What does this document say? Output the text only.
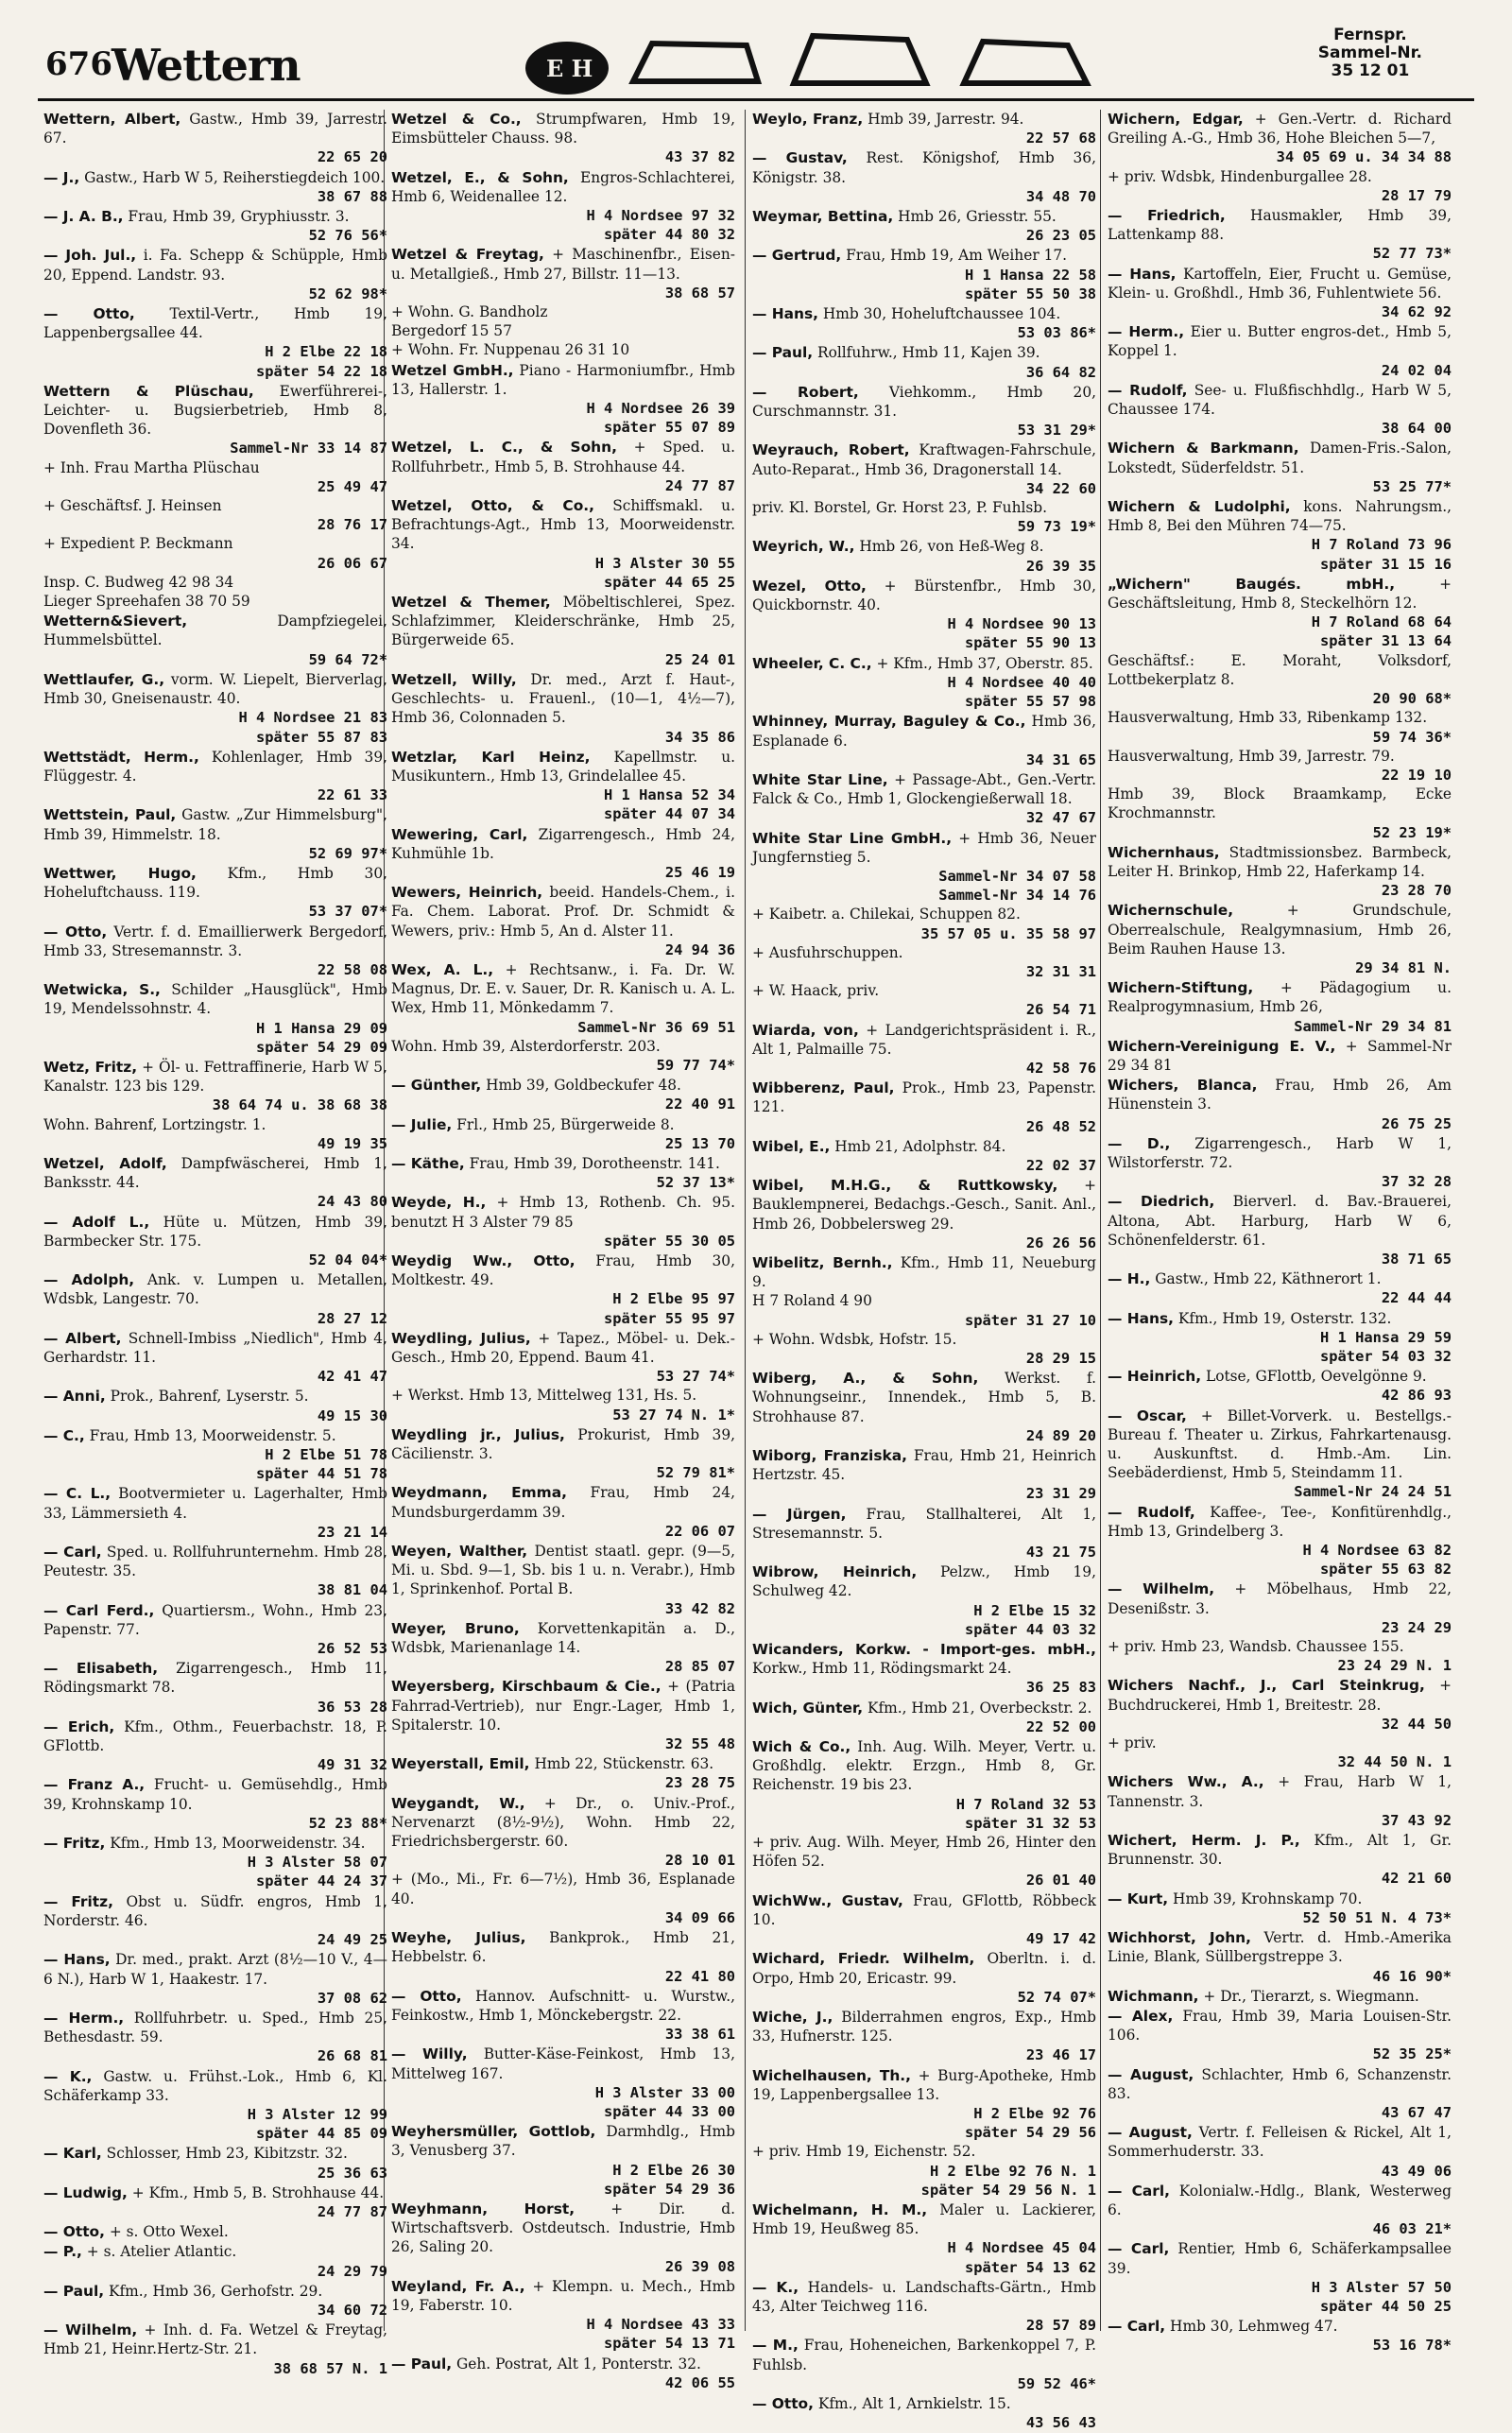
676 Wettern	E H
Fernspr.
Sammel-Nr.
35 12 01
Wettern, Albert, Gastw., Hmb 39, Jarrestr. 67.
22 65 20
— J., Gastw., Harb W 5, Reiherstiegdeich 100.
38 67 88
— J. A. B., Frau, Hmb 39, Gryphiusstr. 3.
52 76 56*
— Joh. Jul., i. Fa. Schepp & Schüpple, Hmb 20, Eppend. Landstr. 93.
52 62 98*
— Otto, Textil-Vertr., Hmb 19, Lappenbergsallee 44.
H 2 Elbe 22 18
später 54 22 18
Wettern & Plüschau, Ewerführerei-, Leichter- u. Bugsierbetrieb, Hmb 8, Dovenfleth 36.
Sammel-Nr 33 14 87
+ Inh. Frau Martha Plüschau
25 49 47
+ Geschäftsf. J. Heinsen
28 76 17
+ Expedient P. Beckmann
26 06 67
Insp. C. Budweg 42 98 34
Lieger Spreehafen 38 70 59
Wettern&Sievert, Dampfziegelei, Hummelsbüttel.
59 64 72*
Wettlaufer, G., vorm. W. Liepelt, Bierverlag, Hmb 30, Gneisenaustr. 40.
H 4 Nordsee 21 83
später 55 87 83
Wettstädt, Herm., Kohlenlager, Hmb 39, Flüggestr. 4.
22 61 33
Wettstein, Paul, Gastw. „Zur Himmelsburg", Hmb 39, Himmelstr. 18.
52 69 97*
Wettwer, Hugo, Kfm., Hmb 30, Hoheluftchauss. 119.
53 37 07*
— Otto, Vertr. f. d. Emaillierwerk Bergedorf, Hmb 33, Stresemannstr. 3.
22 58 08
Wetwicka, S., Schilder „Hausglück", Hmb 19, Mendelssohnstr. 4.
H 1 Hansa 29 09
später 54 29 09
Wetz, Fritz, + Öl- u. Fettraffinerie, Harb W 5, Kanalstr. 123 bis 129.
38 64 74 u. 38 68 38
Wohn. Bahrenf, Lortzingstr. 1.
49 19 35
Wetzel, Adolf, Dampfwäscherei, Hmb 1, Banksstr. 44.
24 43 80
— Adolf L., Hüte u. Mützen, Hmb 39, Barmbecker Str. 175.
52 04 04*
— Adolph, Ank. v. Lumpen u. Metallen, Wdsbk, Langestr. 70.
28 27 12
— Albert, Schnell-Imbiss „Niedlich", Hmb 4, Gerhardstr. 11.
42 41 47
— Anni, Prok., Bahrenf, Lyserstr. 5.
49 15 30
— C., Frau, Hmb 13, Moorweidenstr. 5.
H 2 Elbe 51 78
später 44 51 78
— C. L., Bootvermieter u. Lagerhalter, Hmb 33, Lämmersieth 4.
23 21 14
— Carl, Sped. u. Rollfuhrunternehm. Hmb 28, Peutestr. 35.
38 81 04
— Carl Ferd., Quartiersm., Wohn., Hmb 23, Papenstr. 77.
26 52 53
— Elisabeth, Zigarrengesch., Hmb 11, Rödingsmarkt 78.
36 53 28
— Erich, Kfm., Othm., Feuerbachstr. 18, P. GFlottb.
49 31 32
— Franz A., Frucht- u. Gemüsehdlg., Hmb 39, Krohnskamp 10.
52 23 88*
— Fritz, Kfm., Hmb 13, Moorweidenstr. 34.
H 3 Alster 58 07
später 44 24 37
— Fritz, Obst u. Südfr. engros, Hmb 1, Norderstr. 46.
24 49 25
— Hans, Dr. med., prakt. Arzt (8½—10 V., 4—6 N.), Harb W 1, Haakestr. 17.
37 08 62
— Herm., Rollfuhrbetr. u. Sped., Hmb 25, Bethesdastr. 59.
26 68 81
— K., Gastw. u. Frühst.-Lok., Hmb 6, Kl. Schäferkamp 33.
H 3 Alster 12 99
später 44 85 09
— Karl, Schlosser, Hmb 23, Kibitzstr. 32.
25 36 63
— Ludwig, + Kfm., Hmb 5, B. Strohhause 44.
24 77 87
— Otto, + s. Otto Wexel.
— P., + s. Atelier Atlantic.
24 29 79
— Paul, Kfm., Hmb 36, Gerhofstr. 29.
34 60 72
— Wilhelm, + Inh. d. Fa. Wetzel & Freytag, Hmb 21, Heinr.Hertz-Str. 21.
38 68 57 N. 1
Wetzel & Co., Strumpfwaren, Hmb 19, Eimsbütteler Chauss. 98.
43 37 82
Wetzel, E., & Sohn, Engros-Schlachterei, Hmb 6, Weidenallee 12.
H 4 Nordsee 97 32
später 44 80 32
Wetzel & Freytag, + Maschinenfbr., Eisen- u. Metallgieß., Hmb 27, Billstr. 11—13.
38 68 57
+ Wohn. G. Bandholz
Bergedorf 15 57
+ Wohn. Fr. Nuppenau 26 31 10
Wetzel GmbH., Piano - Harmoniumfbr., Hmb 13, Hallerstr. 1.
H 4 Nordsee 26 39
später 55 07 89
Wetzel, L. C., & Sohn, + Sped. u. Rollfuhrbetr., Hmb 5, B. Strohhause 44.
24 77 87
Wetzel, Otto, & Co., Schiffsmakl. u. Befrachtungs-Agt., Hmb 13, Moorweidenstr. 34.
H 3 Alster 30 55
später 44 65 25
Wetzel & Themer, Möbeltischlerei, Spez. Schlafzimmer, Kleiderschränke, Hmb 25, Bürgerweide 65.
25 24 01
Wetzell, Willy, Dr. med., Arzt f. Haut-, Geschlechts- u. Frauenl., (10—1, 4½—7), Hmb 36, Colonnaden 5.
34 35 86
Wetzlar, Karl Heinz, Kapellmstr. u. Musikuntern., Hmb 13, Grindelallee 45.
H 1 Hansa 52 34
später 44 07 34
Wewering, Carl, Zigarrengesch., Hmb 24, Kuhmühle 1b.
25 46 19
Wewers, Heinrich, beeid. Handels-Chem., i. Fa. Chem. Laborat. Prof. Dr. Schmidt & Wewers, priv.: Hmb 5, An d. Alster 11.
24 94 36
Wex, A. L., + Rechtsanw., i. Fa. Dr. W. Magnus, Dr. E. v. Sauer, Dr. R. Kanisch u. A. L. Wex, Hmb 11, Mönkedamm 7.
Sammel-Nr 36 69 51
Wohn. Hmb 39, Alsterdorferstr. 203.
59 77 74*
— Günther, Hmb 39, Goldbeckufer 48.
22 40 91
— Julie, Frl., Hmb 25, Bürgerweide 8.
25 13 70
— Käthe, Frau, Hmb 39, Dorotheenstr. 141.
52 37 13*
Weyde, H., + Hmb 13, Rothenb. Ch. 95. benutzt H 3 Alster 79 85
später 55 30 05
Weydig Ww., Otto, Frau, Hmb 30, Moltkestr. 49.
H 2 Elbe 95 97
später 55 95 97
Weydling, Julius, + Tapez., Möbel- u. Dek.-Gesch., Hmb 20, Eppend. Baum 41.
53 27 74*
+ Werkst. Hmb 13, Mittelweg 131, Hs. 5.
53 27 74 N. 1*
Weydling jr., Julius, Prokurist, Hmb 39, Cäcilienstr. 3.
52 79 81*
Weydmann, Emma, Frau, Hmb 24, Mundsburgerdamm 39.
22 06 07
Weyen, Walther, Dentist staatl. gepr. (9—5, Mi. u. Sbd. 9—1, Sb. bis 1 u. n. Verabr.), Hmb 1, Sprinkenhof. Portal B.
33 42 82
Weyer, Bruno, Korvettenkapitän a. D., Wdsbk, Marienanlage 14.
28 85 07
Weyersberg, Kirschbaum & Cie., + (Patria Fahrrad-Vertrieb), nur Engr.-Lager, Hmb 1, Spitalerstr. 10.
32 55 48
Weyerstall, Emil, Hmb 22, Stückenstr. 63.
23 28 75
Weygandt, W., + Dr., o. Univ.-Prof., Nervenarzt (8½-9½), Wohn. Hmb 22, Friedrichsbergerstr. 60.
28 10 01
+ (Mo., Mi., Fr. 6—7½), Hmb 36, Esplanade 40.
34 09 66
Weyhe, Julius, Bankprok., Hmb 21, Hebbelstr. 6.
22 41 80
— Otto, Hannov. Aufschnitt- u. Wurstw., Feinkostw., Hmb 1, Mönckebergstr. 22.
33 38 61
— Willy, Butter-Käse-Feinkost, Hmb 13, Mittelweg 167.
H 3 Alster 33 00
später 44 33 00
Weyhersmüller, Gottlob, Darmhdlg., Hmb 3, Venusberg 37.
H 2 Elbe 26 30
später 54 29 36
Weyhmann, Horst, + Dir. d. Wirtschaftsverb. Ostdeutsch. Industrie, Hmb 26, Saling 20.
26 39 08
Weyland, Fr. A., + Klempn. u. Mech., Hmb 19, Faberstr. 10.
H 4 Nordsee 43 33
später 54 13 71
— Paul, Geh. Postrat, Alt 1, Ponterstr. 32.
42 06 55
Weylo, Franz, Hmb 39, Jarrestr. 94.
22 57 68
— Gustav, Rest. Königshof, Hmb 36, Königstr. 38.
34 48 70
Weymar, Bettina, Hmb 26, Griesstr. 55.
26 23 05
— Gertrud, Frau, Hmb 19, Am Weiher 17.
H 1 Hansa 22 58
später 55 50 38
— Hans, Hmb 30, Hoheluftchaussee 104.
53 03 86*
— Paul, Rollfuhrw., Hmb 11, Kajen 39.
36 64 82
— Robert, Viehkomm., Hmb 20, Curschmannstr. 31.
53 31 29*
Weyrauch, Robert, Kraftwagen-Fahrschule, Auto-Reparat., Hmb 36, Dragonerstall 14.
34 22 60
priv. Kl. Borstel, Gr. Horst 23, P. Fuhlsb.
59 73 19*
Weyrich, W., Hmb 26, von Heß-Weg 8.
26 39 35
Wezel, Otto, + Bürstenfbr., Hmb 30, Quickbornstr. 40.
H 4 Nordsee 90 13
später 55 90 13
Wheeler, C. C., + Kfm., Hmb 37, Oberstr. 85.
H 4 Nordsee 40 40
später 55 57 98
Whinney, Murray, Baguley & Co., Hmb 36, Esplanade 6.
34 31 65
White Star Line, + Passage-Abt., Gen.-Vertr. Falck & Co., Hmb 1, Glockengießerwall 18.
32 47 67
White Star Line GmbH., + Hmb 36, Neuer Jungfernstieg 5.
Sammel-Nr 34 07 58
Sammel-Nr 34 14 76
+ Kaibetr. a. Chilekai, Schuppen 82.
35 57 05 u. 35 58 97
+ Ausfuhrschuppen.
32 31 31
+ W. Haack, priv.
26 54 71
Wiarda, von, + Landgerichtspräsident i. R., Alt 1, Palmaille 75.
42 58 76
Wibberenz, Paul, Prok., Hmb 23, Papenstr. 121.
26 48 52
Wibel, E., Hmb 21, Adolphstr. 84.
22 02 37
Wibel, M.H.G., & Ruttkowsky, + Bauklempnerei, Bedachgs.-Gesch., Sanit. Anl., Hmb 26, Dobbelersweg 29.
26 26 56
Wibelitz, Bernh., Kfm., Hmb 11, Neueburg 9.
H 7 Roland 4 90
später 31 27 10
+ Wohn. Wdsbk, Hofstr. 15.
28 29 15
Wiberg, A., & Sohn, Werkst. f. Wohnungseinr., Innendek., Hmb 5, B. Strohhause 87.
24 89 20
Wiborg, Franziska, Frau, Hmb 21, Heinrich Hertzstr. 45.
23 31 29
— Jürgen, Frau, Stallhalterei, Alt 1, Stresemannstr. 5.
43 21 75
Wibrow, Heinrich, Pelzw., Hmb 19, Schulweg 42.
H 2 Elbe 15 32
später 44 03 32
Wicanders, Korkw. - Import-ges. mbH., Korkw., Hmb 11, Rödingsmarkt 24.
36 25 83
Wich, Günter, Kfm., Hmb 21, Overbeckstr. 2.
22 52 00
Wich & Co., Inh. Aug. Wilh. Meyer, Vertr. u. Großhdlg. elektr. Erzgn., Hmb 8, Gr. Reichenstr. 19 bis 23.
H 7 Roland 32 53
später 31 32 53
+ priv. Aug. Wilh. Meyer, Hmb 26, Hinter den Höfen 52.
26 01 40
WichWw., Gustav, Frau, GFlottb, Röbbeck 10.
49 17 42
Wichard, Friedr. Wilhelm, Oberltn. i. d. Orpo, Hmb 20, Ericastr. 99.
52 74 07*
Wiche, J., Bilderrahmen engros, Exp., Hmb 33, Hufnerstr. 125.
23 46 17
Wichelhausen, Th., + Burg-Apotheke, Hmb 19, Lappenbergsallee 13.
H 2 Elbe 92 76
später 54 29 56
+ priv. Hmb 19, Eichenstr. 52.
H 2 Elbe 92 76 N. 1
später 54 29 56 N. 1
Wichelmann, H. M., Maler u. Lackierer, Hmb 19, Heußweg 85.
H 4 Nordsee 45 04
später 54 13 62
— K., Handels- u. Landschafts-Gärtn., Hmb 43, Alter Teichweg 116.
28 57 89
— M., Frau, Hoheneichen, Barkenkoppel 7, P. Fuhlsb.
59 52 46*
— Otto, Kfm., Alt 1, Arnkielstr. 15.
43 56 43
Wichern, Edgar, + Gen.-Vertr. d. Richard Greiling A.-G., Hmb 36, Hohe Bleichen 5—7,
34 05 69 u. 34 34 88
+ priv. Wdsbk, Hindenburgallee 28.
28 17 79
— Friedrich, Hausmakler, Hmb 39, Lattenkamp 88.
52 77 73*
— Hans, Kartoffeln, Eier, Frucht u. Gemüse, Klein- u. Großhdl., Hmb 36, Fuhlentwiete 56.
34 62 92
— Herm., Eier u. Butter engros-det., Hmb 5, Koppel 1.
24 02 04
— Rudolf, See- u. Flußfischhdlg., Harb W 5, Chaussee 174.
38 64 00
Wichern & Barkmann, Damen-Fris.-Salon, Lokstedt, Süderfeldstr. 51.
53 25 77*
Wichern & Ludolphi, kons. Nahrungsm., Hmb 8, Bei den Mühren 74—75.
H 7 Roland 73 96
später 31 15 16
„Wichern" Baugés. mbH., + Geschäftsleitung, Hmb 8, Steckelhörn 12.
H 7 Roland 68 64
später 31 13 64
Geschäftsf.: E. Moraht, Volksdorf, Lottbekerplatz 8.
20 90 68*
Hausverwaltung, Hmb 33, Ribenkamp 132.
59 74 36*
Hausverwaltung, Hmb 39, Jarrestr. 79.
22 19 10
Hmb 39, Block Braamkamp, Ecke Krochmannstr.
52 23 19*
Wichernhaus, Stadtmissionsbez. Barmbeck, Leiter H. Brinkop, Hmb 22, Haferkamp 14.
23 28 70
Wichernschule, + Grundschule, Oberrealschule, Realgymnasium, Hmb 26, Beim Rauhen Hause 13.
29 34 81 N.
Wichern-Stiftung, + Pädagogium u. Realprogymnasium, Hmb 26,
Sammel-Nr 29 34 81
Wichern-Vereinigung E. V., + Sammel-Nr 29 34 81
Wichers, Blanca, Frau, Hmb 26, Am Hünenstein 3.
26 75 25
— D., Zigarrengesch., Harb W 1, Wilstorferstr. 72.
37 32 28
— Diedrich, Bierverl. d. Bav.-Brauerei, Altona, Abt. Harburg, Harb W 6, Schönenfelderstr. 61.
38 71 65
— H., Gastw., Hmb 22, Käthnerort 1.
22 44 44
— Hans, Kfm., Hmb 19, Osterstr. 132.
H 1 Hansa 29 59
später 54 03 32
— Heinrich, Lotse, GFlottb, Oevelgönne 9.
42 86 93
— Oscar, + Billet-Vorverk. u. Bestellgs.-Bureau f. Theater u. Zirkus, Fahrkartenausg. u. Auskunftst. d. Hmb.-Am. Lin. Seebäderdienst, Hmb 5, Steindamm 11.
Sammel-Nr 24 24 51
— Rudolf, Kaffee-, Tee-, Konfitürenhdlg., Hmb 13, Grindelberg 3.
H 4 Nordsee 63 82
später 55 63 82
— Wilhelm, + Möbelhaus, Hmb 22, Desenißstr. 3.
23 24 29
+ priv. Hmb 23, Wandsb. Chaussee 155.
23 24 29 N. 1
Wichers Nachf., J., Carl Steinkrug, + Buchdruckerei, Hmb 1, Breitestr. 28.
32 44 50
+ priv.
32 44 50 N. 1
Wichers Ww., A., + Frau, Harb W 1, Tannenstr. 3.
37 43 92
Wichert, Herm. J. P., Kfm., Alt 1, Gr. Brunnenstr. 30.
42 21 60
— Kurt, Hmb 39, Krohnskamp 70.
52 50 51 N. 4 73*
Wichhorst, John, Vertr. d. Hmb.-Amerika Linie, Blank, Süllbergstreppe 3.
46 16 90*
Wichmann, + Dr., Tierarzt, s. Wiegmann.
— Alex, Frau, Hmb 39, Maria Louisen-Str. 106.
52 35 25*
— August, Schlachter, Hmb 6, Schanzenstr. 83.
43 67 47
— August, Vertr. f. Felleisen & Rickel, Alt 1, Sommerhuderstr. 33.
43 49 06
— Carl, Kolonialw.-Hdlg., Blank, Westerweg 6.
46 03 21*
— Carl, Rentier, Hmb 6, Schäferkampsallee 39.
H 3 Alster 57 50
später 44 50 25
— Carl, Hmb 30, Lehmweg 47.
53 16 78*
